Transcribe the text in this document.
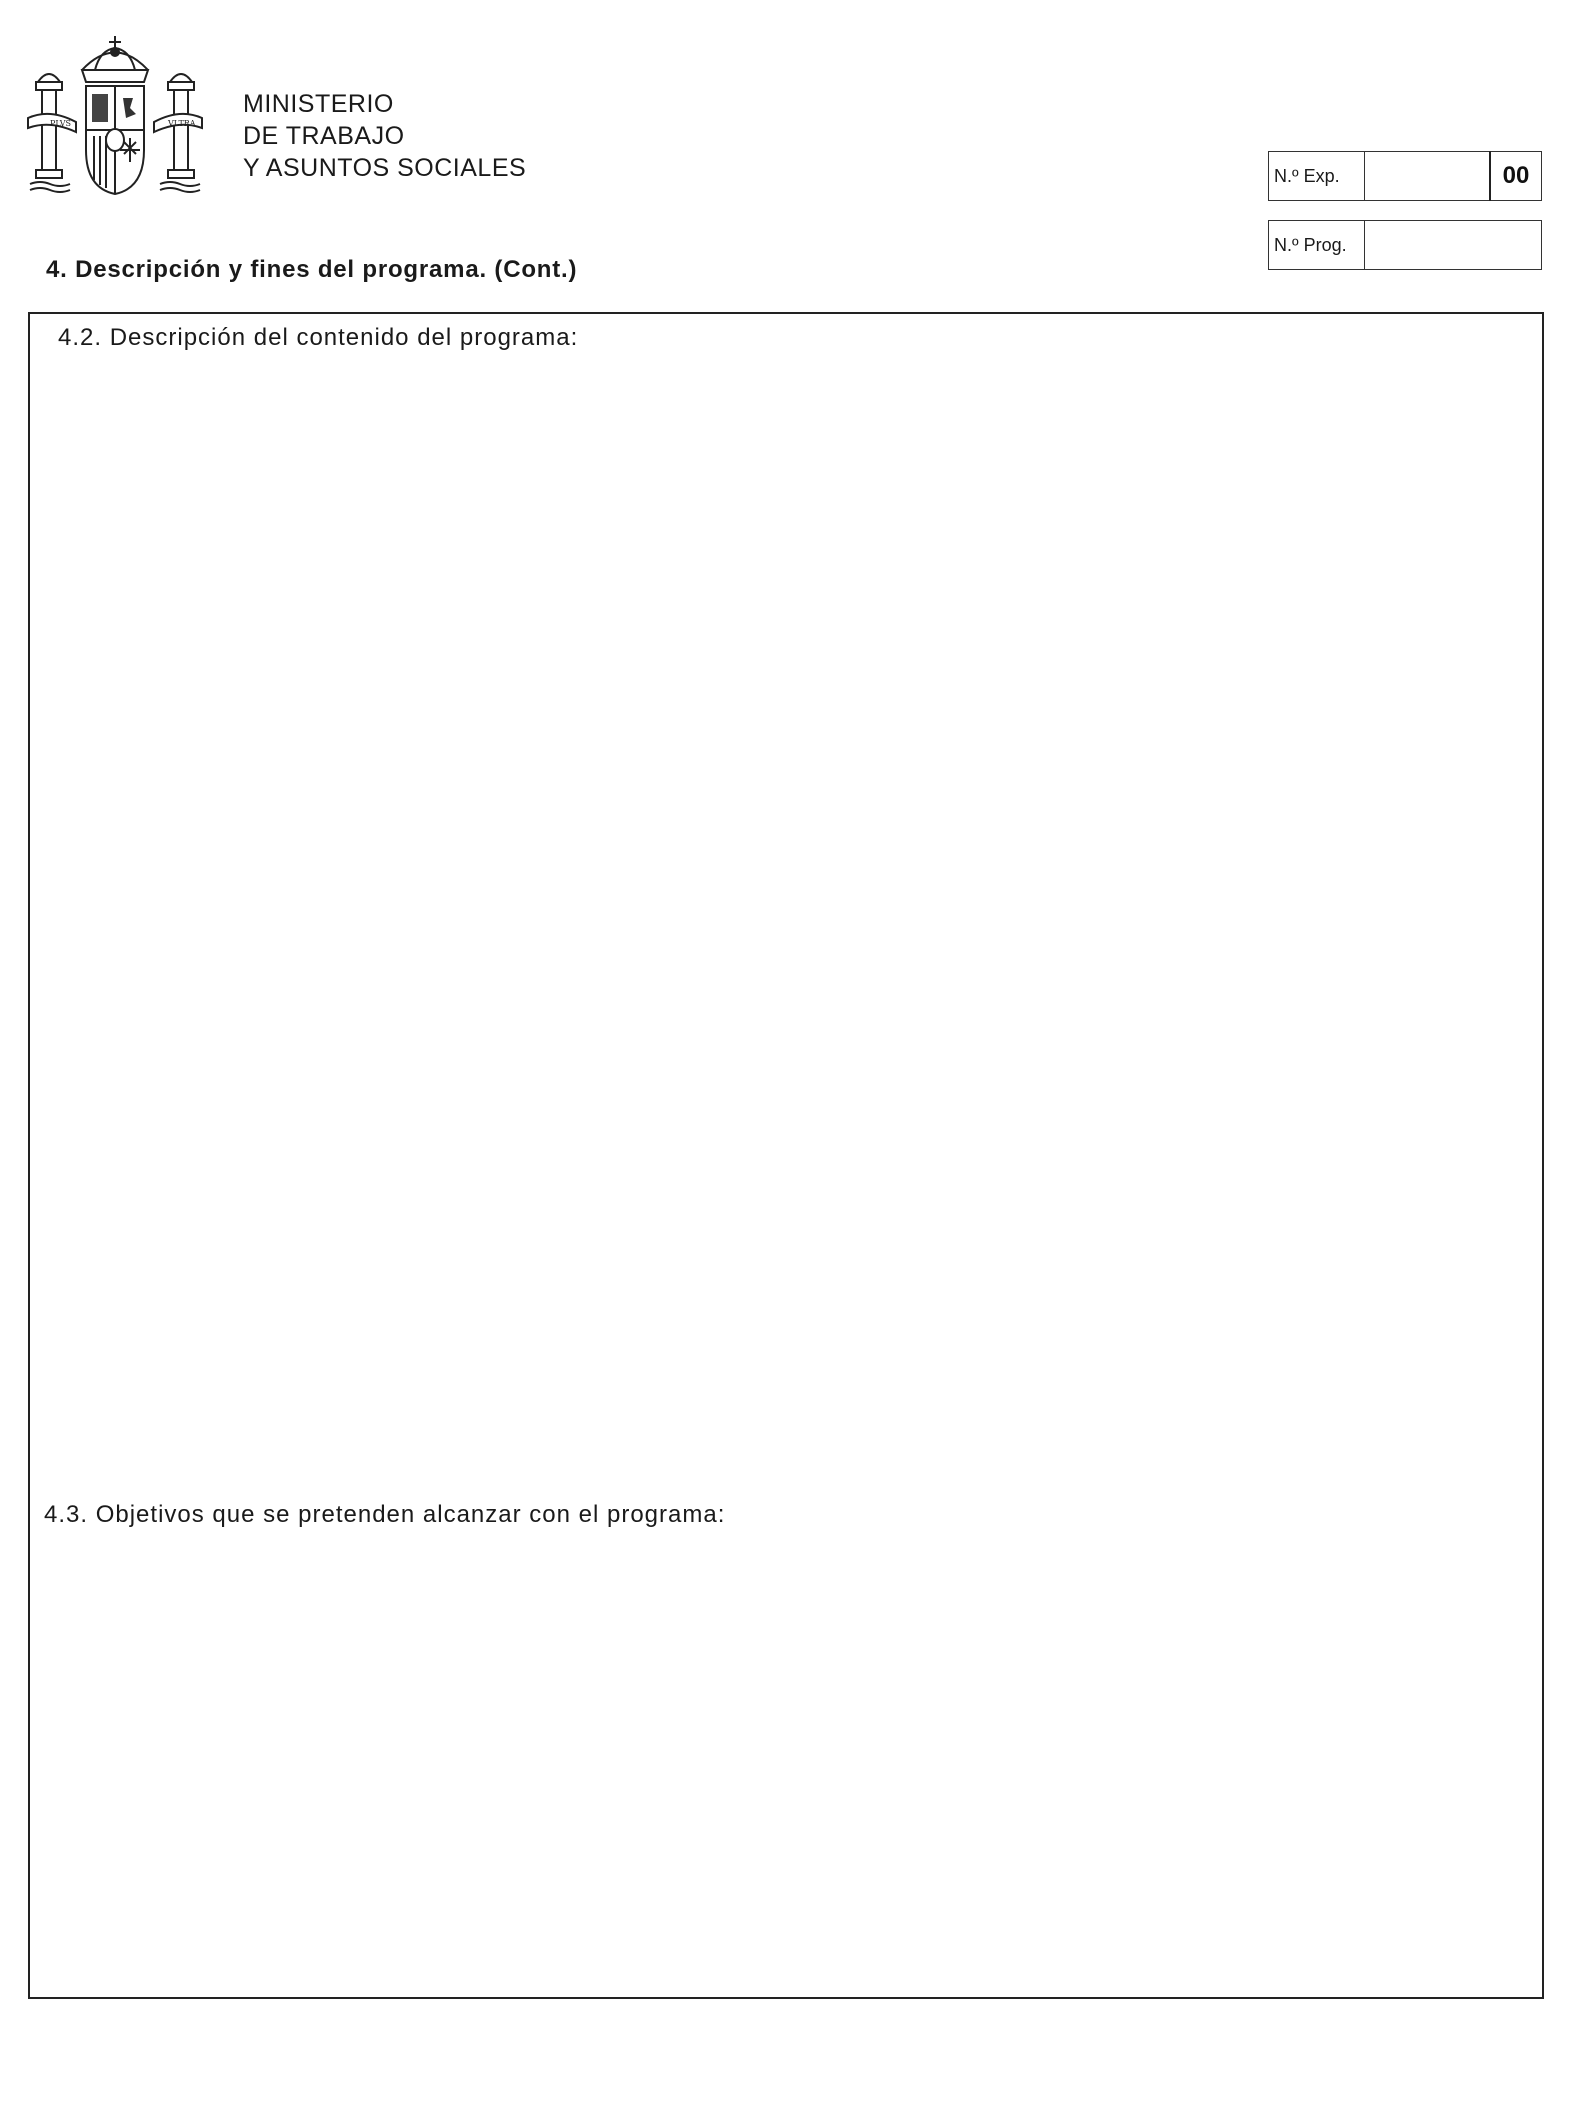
PLVS	VLTRA
MINISTERIO
DE TRABAJO
Y ASUNTOS SOCIALES	N.º Exp.	00
N.º Prog.
4. Descripción y fines del programa. (Cont.)
4.2. Descripción del contenido del programa:
4.3. Objetivos que se pretenden alcanzar con el programa:
